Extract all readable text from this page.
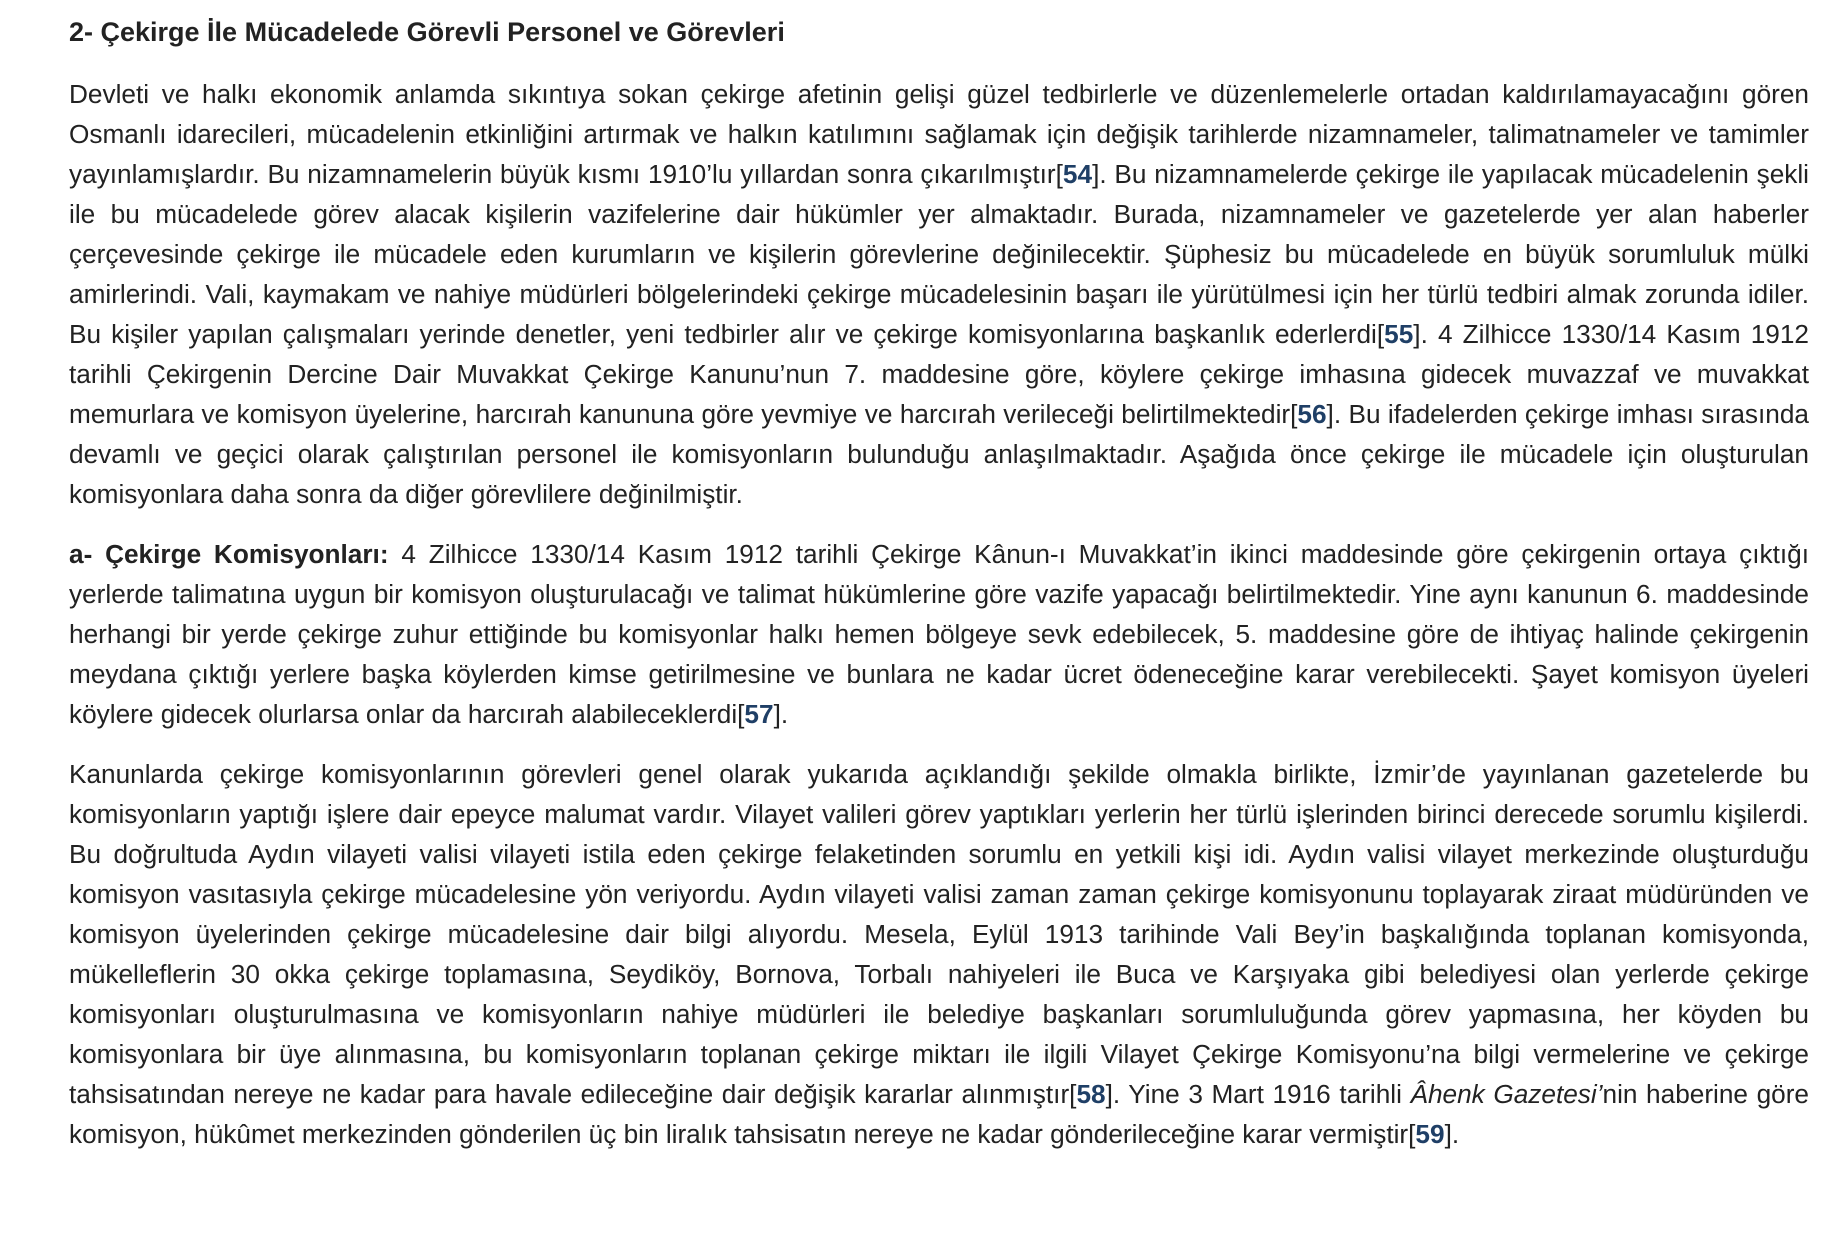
2- Çekirge İle Mücadelede Görevli Personel ve Görevleri

Devleti ve halkı ekonomik anlamda sıkıntıya sokan çekirge afetinin gelişi güzel tedbirlerle ve düzenlemelerle ortadan kaldırılamayacağını gören Osmanlı idarecileri, mücadelenin etkinliğini artırmak ve halkın katılımını sağlamak için değişik tarihlerde nizamnameler, talimatnameler ve tamimler yayınlamışlardır. Bu nizamnamelerin büyük kısmı 1910’lu yıllardan sonra çıkarılmıştır[54]. Bu nizamnamelerde çekirge ile yapılacak mücadelenin şekli ile bu mücadelede görev alacak kişilerin vazifelerine dair hükümler yer almaktadır. Burada, nizamnameler ve gazetelerde yer alan haberler çerçevesinde çekirge ile mücadele eden kurumların ve kişilerin görevlerine değinilecektir. Şüphesiz bu mücadelede en büyük sorumluluk mülki amirlerindi. Vali, kaymakam ve nahiye müdürleri bölgelerindeki çekirge mücadelesinin başarı ile yürütülmesi için her türlü tedbiri almak zorunda idiler. Bu kişiler yapılan çalışmaları yerinde denetler, yeni tedbirler alır ve çekirge komisyonlarına başkanlık ederlerdi[55]. 4 Zilhicce 1330/14 Kasım 1912 tarihli Çekirgenin Dercine Dair Muvakkat Çekirge Kanunu’nun 7. maddesine göre, köylere çekirge imhasına gidecek muvazzaf ve muvakkat memurlara ve komisyon üyelerine, harcırah kanununa göre yevmiye ve harcırah verileceği belirtilmektedir[56]. Bu ifadelerden çekirge imhası sırasında devamlı ve geçici olarak çalıştırılan personel ile komisyonların bulunduğu anlaşılmaktadır. Aşağıda önce çekirge ile mücadele için oluşturulan komisyonlara daha sonra da diğer görevlilere değinilmiştir.

a- Çekirge Komisyonları: 4 Zilhicce 1330/14 Kasım 1912 tarihli Çekirge Kânun-ı Muvakkat’in ikinci maddesinde göre çekirgenin ortaya çıktığı yerlerde talimatına uygun bir komisyon oluşturulacağı ve talimat hükümlerine göre vazife yapacağı belirtilmektedir. Yine aynı kanunun 6. maddesinde herhangi bir yerde çekirge zuhur ettiğinde bu komisyonlar halkı hemen bölgeye sevk edebilecek, 5. maddesine göre de ihtiyaç halinde çekirgenin meydana çıktığı yerlere başka köylerden kimse getirilmesine ve bunlara ne kadar ücret ödeneceğine karar verebilecekti. Şayet komisyon üyeleri köylere gidecek olurlarsa onlar da harcırah alabileceklerdi[57].

Kanunlarda çekirge komisyonlarının görevleri genel olarak yukarıda açıklandığı şekilde olmakla birlikte, İzmir’de yayınlanan gazetelerde bu komisyonların yaptığı işlere dair epeyce malumat vardır. Vilayet valileri görev yaptıkları yerlerin her türlü işlerinden birinci derecede sorumlu kişilerdi. Bu doğrultuda Aydın vilayeti valisi vilayeti istila eden çekirge felaketinden sorumlu en yetkili kişi idi. Aydın valisi vilayet merkezinde oluşturduğu komisyon vasıtasıyla çekirge mücadelesine yön veriyordu. Aydın vilayeti valisi zaman zaman çekirge komisyonunu toplayarak ziraat müdüründen ve komisyon üyelerinden çekirge mücadelesine dair bilgi alıyordu. Mesela, Eylül 1913 tarihinde Vali Bey’in başkalığında toplanan komisyonda, mükelleflerin 30 okka çekirge toplamasına, Seydiköy, Bornova, Torbalı nahiyeleri ile Buca ve Karşıyaka gibi belediyesi olan yerlerde çekirge komisyonları oluşturulmasına ve komisyonların nahiye müdürleri ile belediye başkanları sorumluluğunda görev yapmasına, her köyden bu komisyonlara bir üye alınmasına, bu komisyonların toplanan çekirge miktarı ile ilgili Vilayet Çekirge Komisyonu’na bilgi vermelerine ve çekirge tahsisatından nereye ne kadar para havale edileceğine dair değişik kararlar alınmıştır[58]. Yine 3 Mart 1916 tarihli Âhenk Gazetesi’nin haberine göre komisyon, hükûmet merkezinden gönderilen üç bin liralık tahsisatın nereye ne kadar gönderileceğine karar vermiştir[59].
